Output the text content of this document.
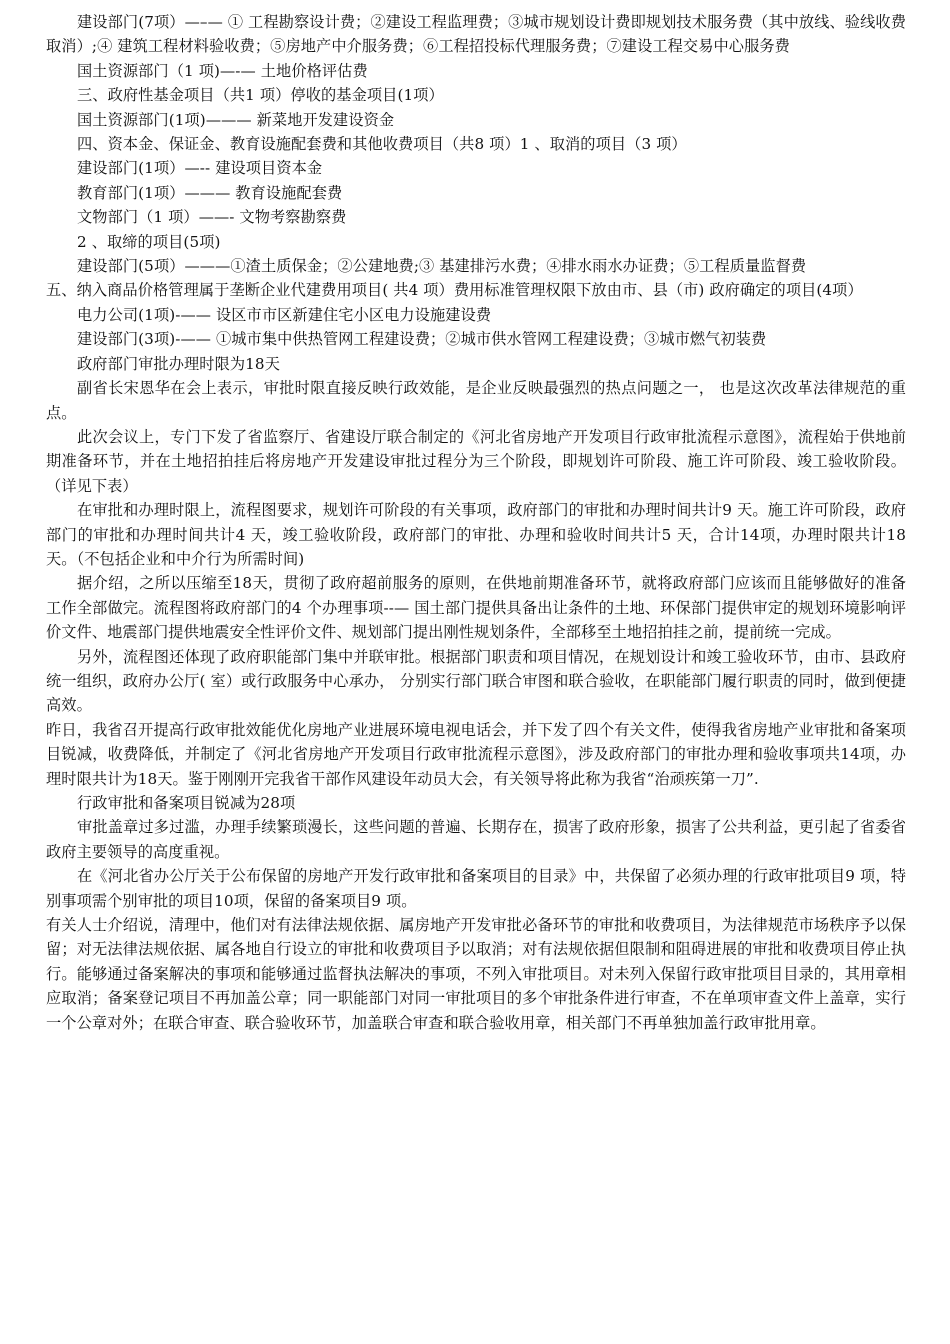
建设部门(7项）—–— ① 工程勘察设计费；②建设工程监理费；③城市规划设计费即规划技术服务费（其中放线、验线收费取消）;④ 建筑工程材料验收费；⑤房地产中介服务费；⑥工程招投标代理服务费；⑦建设工程交易中心服务费

国土资源部门（1 项)—-— 土地价格评估费

三、政府性基金项目（共1 项）停收的基金项目(1项）

国土资源部门(1项)——— 新菜地开发建设资金

四、资本金、保证金、教育设施配套费和其他收费项目（共8 项）1 、取消的项目（3 项）

建设部门(1项）—-- 建设项目资本金

教育部门(1项）——— 教育设施配套费

文物部门（1 项）——- 文物考察勘察费

2 、取缔的项目(5项)

建设部门(5项）———①渣土质保金；②公建地费;③ 基建排污水费；④排水雨水办证费；⑤工程质量监督费

五、纳入商品价格管理属于垄断企业代建费用项目( 共4 项）费用标准管理权限下放由市、县（市) 政府确定的项目(4项）

电力公司(1项)-—— 设区市市区新建住宅小区电力设施建设费

建设部门(3项)-—— ①城市集中供热管网工程建设费；②城市供水管网工程建设费；③城市燃气初装费

政府部门审批办理时限为18天

副省长宋恩华在会上表示，审批时限直接反映行政效能，是企业反映最强烈的热点问题之一， 也是这次改革法律规范的重点。

此次会议上，专门下发了省监察厅、省建设厅联合制定的《河北省房地产开发项目行政审批流程示意图》，流程始于供地前期准备环节，并在土地招拍挂后将房地产开发建设审批过程分为三个阶段，即规划许可阶段、施工许可阶段、竣工验收阶段。（详见下表）

在审批和办理时限上，流程图要求，规划许可阶段的有关事项，政府部门的审批和办理时间共计9 天。施工许可阶段，政府部门的审批和办理时间共计4 天，竣工验收阶段，政府部门的审批、办理和验收时间共计5 天，合计14项，办理时限共计18天。（不包括企业和中介行为所需时间)

据介绍，之所以压缩至18天，贯彻了政府超前服务的原则，在供地前期准备环节，就将政府部门应该而且能够做好的准备工作全部做完。流程图将政府部门的4 个办理事项--— 国土部门提供具备出让条件的土地、环保部门提供审定的规划环境影响评价文件、地震部门提供地震安全性评价文件、规划部门提出刚性规划条件，全部移至土地招拍挂之前，提前统一完成。

另外，流程图还体现了政府职能部门集中并联审批。根据部门职责和项目情况，在规划设计和竣工验收环节，由市、县政府统一组织，政府办公厅( 室）或行政服务中心承办， 分别实行部门联合审图和联合验收，在职能部门履行职责的同时，做到便捷高效。

昨日，我省召开提高行政审批效能优化房地产业进展环境电视电话会，并下发了四个有关文件，使得我省房地产业审批和备案项目锐减，收费降低，并制定了《河北省房地产开发项目行政审批流程示意图》，涉及政府部门的审批办理和验收事项共14项，办理时限共计为18天。鉴于刚刚开完我省干部作风建设年动员大会，有关领导将此称为我省“治顽疾第一刀”.

行政审批和备案项目锐减为28项

审批盖章过多过滥，办理手续繁琐漫长，这些问题的普遍、长期存在，损害了政府形象，损害了公共利益，更引起了省委省政府主要领导的高度重视。

在《河北省办公厅关于公布保留的房地产开发行政审批和备案项目的目录》中，共保留了必须办理的行政审批项目9 项，特别事项需个别审批的项目10项，保留的备案项目9 项。

有关人士介绍说，清理中，他们对有法律法规依据、属房地产开发审批必备环节的审批和收费项目，为法律规范市场秩序予以保留；对无法律法规依据、属各地自行设立的审批和收费项目予以取消；对有法规依据但限制和阻碍进展的审批和收费项目停止执行。能够通过备案解决的事项和能够通过监督执法解决的事项，不列入审批项目。对未列入保留行政审批项目目录的，其用章相应取消；备案登记项目不再加盖公章；同一职能部门对同一审批项目的多个审批条件进行审查，不在单项审查文件上盖章，实行一个公章对外；在联合审查、联合验收环节，加盖联合审查和联合验收用章，相关部门不再单独加盖行政审批用章。
